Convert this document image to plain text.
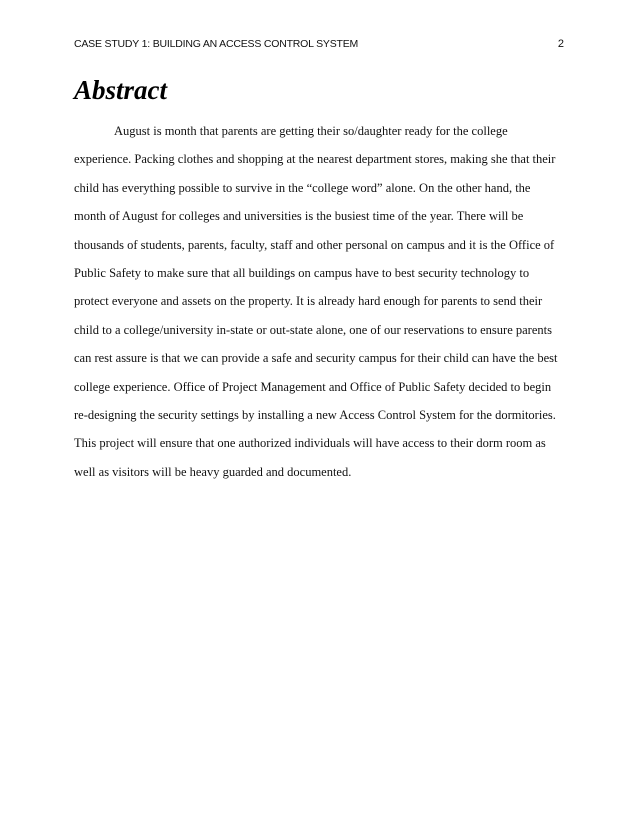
CASE STUDY 1: BUILDING AN ACCESS CONTROL SYSTEM	2
Abstract
August is month that parents are getting their so/daughter ready for the college
experience. Packing clothes and shopping at the nearest department stores, making she that their
child has everything possible to survive in the “college word” alone. On the other hand, the
month of August for colleges and universities is the busiest time of the year. There will be
thousands of students, parents, faculty, staff and other personal on campus and it is the Office of
Public Safety to make sure that all buildings on campus have to best security technology to
protect everyone and assets on the property. It is already hard enough for parents to send their
child to a college/university in-state or out-state alone, one of our reservations to ensure parents
can rest assure is that we can provide a safe and security campus for their child can have the best
college experience. Office of Project Management and Office of Public Safety decided to begin
re-designing the security settings by installing a new Access Control System for the dormitories.
This project will ensure that one authorized individuals will have access to their dorm room as
well as visitors will be heavy guarded and documented.
